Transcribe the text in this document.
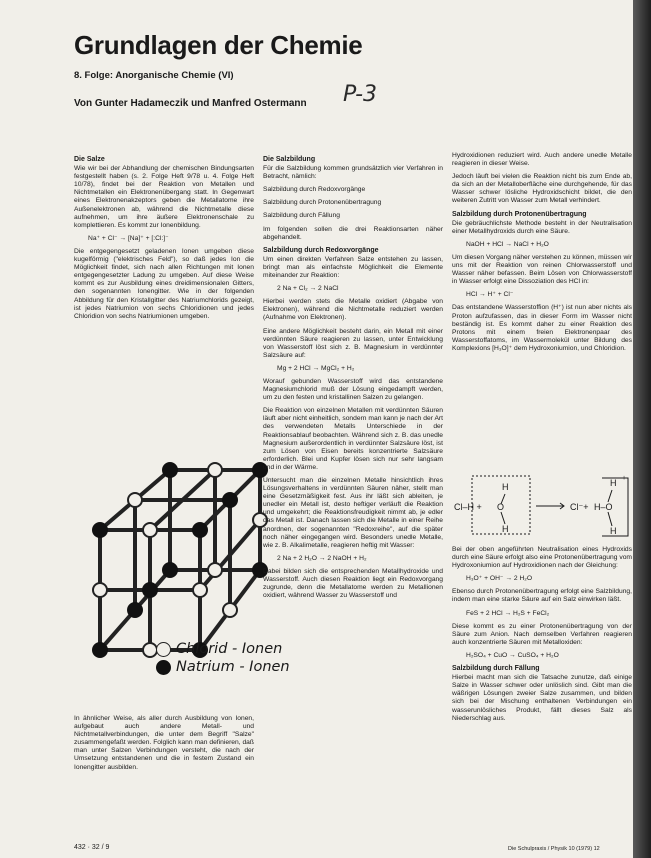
Grundlagen der Chemie
8. Folge: Anorganische Chemie (VI)
Von Gunter Hadameczik und Manfred Ostermann P-3
Die Salze

Wie wir bei der Abhandlung der chemischen Bindungsarten festgestellt haben (s. 2. Folge Heft 9/78 u. 4. Folge Heft 10/78), findet bei der Reaktion von Metallen und Nichtmetallen ein Elektronenübergang statt. In Gegenwart eines Elektronenakzeptors geben die Metallatome ihre Außenelektronen ab, während die Nichtmetalle diese aufnehmen, um ihre äußere Elektronenschale zu komplettieren. Es kommt zur Ionenbildung.

Na⁺ + Cl⁻ → [Na]⁺ + [:Cl:]⁻

Die entgegengesetzt geladenen Ionen umgeben diese kugelförmig ("elektrisches Feld"), so daß jedes Ion die Möglichkeit findet, sich nach allen Richtungen mit Ionen entgegengesetzter Ladung zu umgeben. Auf diese Weise kommt es zur Ausbildung eines dreidimensionalen Gitters, den sogenannten Ionengitter. Wie in der folgenden Abbildung für den Kristallgitter des Natriumchlorids gezeigt, ist jedes Natriumion von sechs Chloridionen und jedes Chloridion von sechs Natriumionen umgeben.

Chlorid - Ionen
Natrium - Ionen

In ähnlicher Weise, als aller durch Ausbildung von Ionen, aufgebaut auch andere Metall- und Nichtmetallverbindungen, die unter dem Begriff "Salze" zusammengefaßt werden. Folglich kann man definieren, daß man unter Salzen Verbindungen versteht, die nach der Umsetzung entstandenen und die in festem Zustand ein Ionengitter ausbilden.

Die Salzbildung

Für die Salzbildung kommen grundsätzlich vier Verfahren in Betracht, nämlich:

Salzbildung durch Redoxvorgänge

Salzbildung durch Protonenübertragung

Salzbildung durch Fällung

Im folgenden sollen die drei Reaktionsarten näher abgehandelt.

Salzbildung durch Redoxvorgänge

Um einen direkten Verfahren Salze entstehen zu lassen, bringt man als einfachste Möglichkeit die Elemente miteinander zur Reaktion:

2 Na + Cl₂ → 2 NaCl

Hierbei werden stets die Metalle oxidiert (Abgabe von Elektronen), während die Nichtmetalle reduziert werden (Aufnahme von Elektronen).

Eine andere Möglichkeit besteht darin, ein Metall mit einer verdünnten Säure reagieren zu lassen, unter Entwicklung von Wasserstoff löst sich z. B. Magnesium in verdünnter Salzsäure auf:

Mg + 2 HCl → MgCl₂ + H₂

Worauf gebunden Wasserstoff wird das entstandene Magnesiumchlorid muß der Lösung eingedampft werden, um zu den festen und kristallinen Salzen zu gelangen.

Die Reaktion von einzelnen Metallen mit verdünnten Säuren läuft aber nicht einheitlich, sondern man kann je nach der Art des verwendeten Metalls Unterschiede in der Reaktionsablauf beobachten. Während sich z. B. das unedle Magnesium außerordentlich in verdünnter Salzsäure löst, ist zum Lösen von Eisen bereits konzentrierte Salzsäure erforderlich. Blei und Kupfer lösen sich nur sehr langsam und in der Wärme.

Untersucht man die einzelnen Metalle hinsichtlich ihres Lösungsverhaltens in verdünnten Säuren näher, stellt man eine Gesetzmäßigkeit fest. Aus ihr läßt sich ableiten, je unedler ein Metall ist, desto heftiger verläuft die Reaktion und umgekehrt; die Reaktionsfreudigkeit nimmt ab, je edler das Metall ist. Danach lassen sich die Metalle in einer Reihe anordnen, der sogenannten "Redoxreihe", auf die später noch näher eingegangen wird. Besonders unedle Metalle, wie z. B. Alkalimetalle, reagieren heftig mit Wasser:

2 Na + 2 H₂O → 2 NaOH + H₂

Dabei bilden sich die entsprechenden Metallhydroxide und Wasserstoff. Auch diesen Reaktion liegt ein Redoxvorgang zugrunde, denn die Metallatome werden zu Metallionen oxidiert, während Wasser zu Wasserstoff und

Hydroxidionen reduziert wird. Auch andere unedle Metalle reagieren in dieser Weise.

Jedoch läuft bei vielen die Reaktion nicht bis zum Ende ab, da sich an der Metalloberfläche eine durchgehende, für das Wasser schwer lösliche Hydroxidschicht bildet, die den weiteren Zutritt von Wasser zum Metall verhindert.

Salzbildung durch Protonenübertragung

Die gebräuchlichste Methode besteht in der Neutralisation einer Metallhydroxids durch eine Säure.

NaOH + HCl → NaCl + H₂O

Um diesen Vorgang näher verstehen zu können, müssen wir uns mit der Reaktion von reinen Chlorwasserstoff und Wasser näher befassen. Beim Lösen von Chlorwasserstoff in Wasser erfolgt eine Dissoziation des HCl in:

HCl → H⁺ + Cl⁻

Das entstandene Wasserstoffion (H⁺) ist nun aber nichts als Proton aufzufassen, das in dieser Form im Wasser nicht beständig ist. Es kommt daher zu einer Reaktion des Protons mit einem freien Elektronenpaar des Wasserstoffatoms, im Wassermolekül unter Bildung des Komplexions [H₃O]⁺ dem Hydroxoniumion, und Chloridion.

Cl–H + O
H
H
Cl⁻+ H–O
H
H
+

Bei der oben angeführten Neutralisation eines Hydroxids durch eine Säure erfolgt also eine Protonenübertragung vom Hydroxoniumion auf Hydroxidionen nach der Gleichung:

H₃O⁺ + OH⁻ → 2 H₂O

Ebenso durch Protonenübertragung erfolgt eine Salzbildung, indem man eine starke Säure auf ein Salz einwirken läßt.

FeS + 2 HCl → H₂S + FeCl₂

Diese kommt es zu einer Protonenübertragung von der Säure zum Anion. Nach demselben Verfahren reagieren auch konzentrierte Säuren mit Metalloxiden:

H₂SO₄ + CuO → CuSO₄ + H₂O

Salzbildung durch Fällung

Hierbei macht man sich die Tatsache zunutze, daß einige Salze in Wasser schwer oder unlöslich sind. Gibt man die wäßrigen Lösungen zweier Salze zusammen, und bilden sich bei der Mischung enthaltenen Verbindungen ein wasserunlösliches Produkt, fällt dieses Salz als Niederschlag aus.

432 · 32 / 9	Die Schulpraxis / Physik 10 (1979) 12
